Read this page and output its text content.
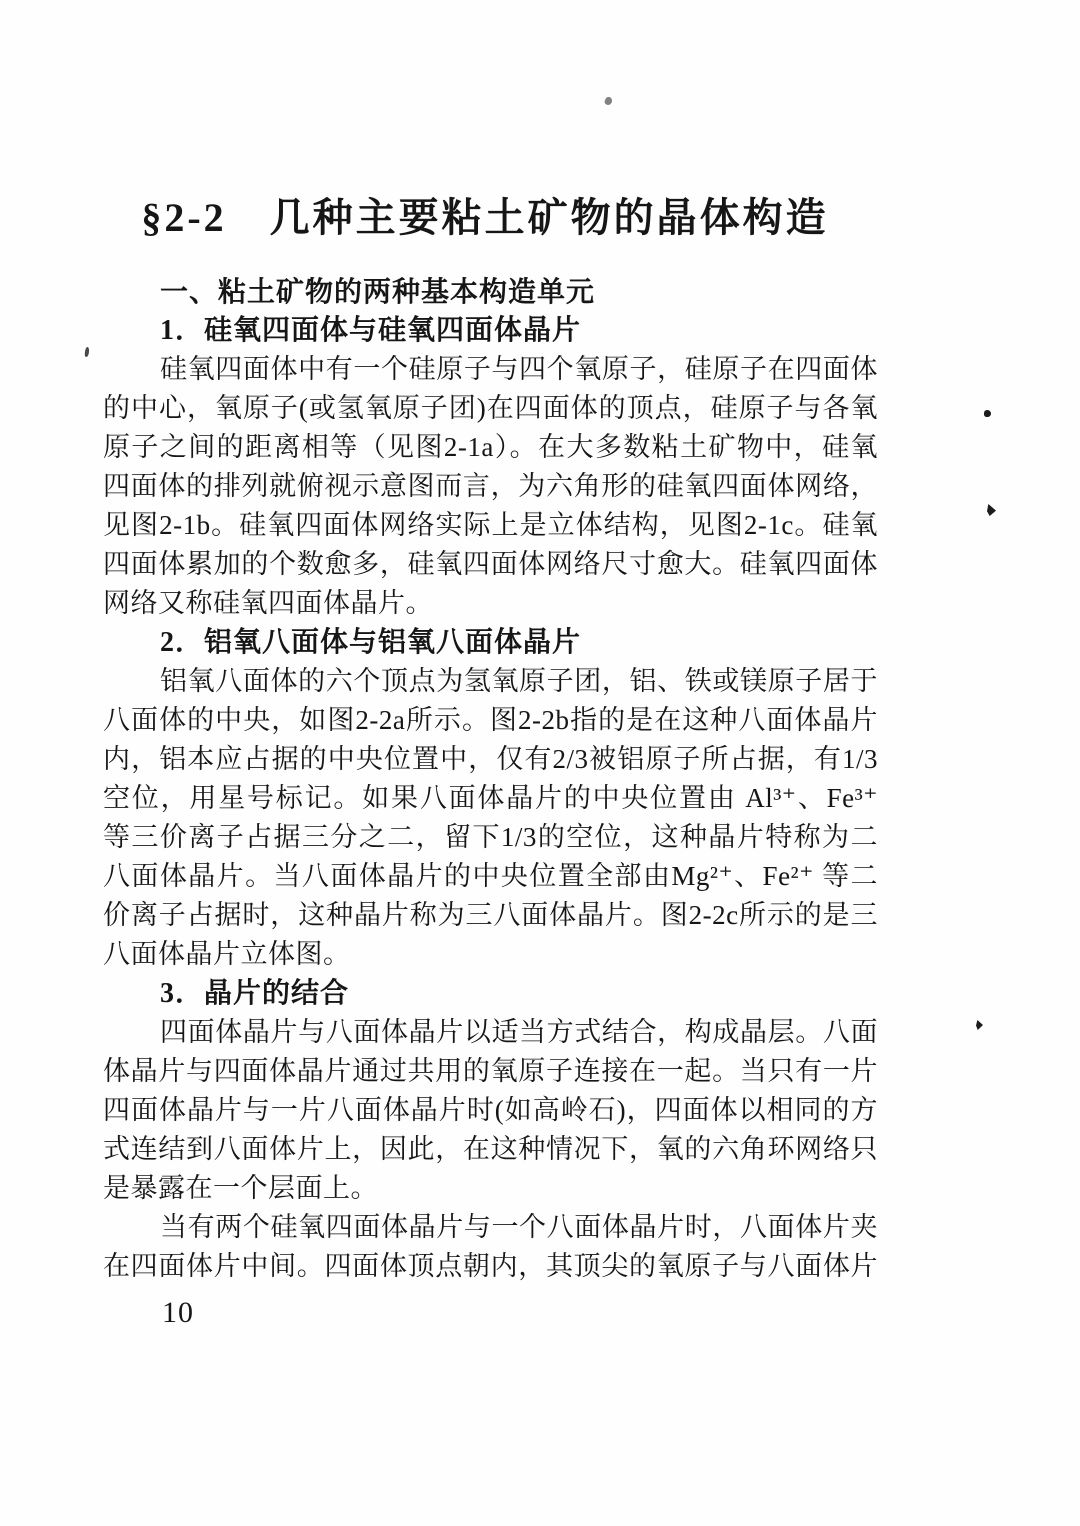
§2-2　几种主要粘土矿物的晶体构造
一、粘土矿物的两种基本构造单元
1．硅氧四面体与硅氧四面体晶片
硅氧四面体中有一个硅原子与四个氧原子，硅原子在四面体
的中心，氧原子(或氢氧原子团)在四面体的顶点，硅原子与各氧
原子之间的距离相等（见图2-1a）。在大多数粘土矿物中，硅氧
四面体的排列就俯视示意图而言，为六角形的硅氧四面体网络，
见图2-1b。硅氧四面体网络实际上是立体结构，见图2-1c。硅氧
四面体累加的个数愈多，硅氧四面体网络尺寸愈大。硅氧四面体
网络又称硅氧四面体晶片。
2．铝氧八面体与铝氧八面体晶片
铝氧八面体的六个顶点为氢氧原子团，铝、铁或镁原子居于
八面体的中央，如图2-2a所示。图2-2b指的是在这种八面体晶片
内，铝本应占据的中央位置中，仅有2/3被铝原子所占据，有1/3
空位，用星号标记。如果八面体晶片的中央位置由 Al³⁺、Fe³⁺
等三价离子占据三分之二，留下1/3的空位，这种晶片特称为二
八面体晶片。当八面体晶片的中央位置全部由Mg²⁺、Fe²⁺ 等二
价离子占据时，这种晶片称为三八面体晶片。图2-2c所示的是三
八面体晶片立体图。
3．晶片的结合
四面体晶片与八面体晶片以适当方式结合，构成晶层。八面
体晶片与四面体晶片通过共用的氧原子连接在一起。当只有一片
四面体晶片与一片八面体晶片时(如高岭石)，四面体以相同的方
式连结到八面体片上，因此，在这种情况下，氧的六角环网络只
是暴露在一个层面上。
当有两个硅氧四面体晶片与一个八面体晶片时，八面体片夹
在四面体片中间。四面体顶点朝内，其顶尖的氧原子与八面体片
10
